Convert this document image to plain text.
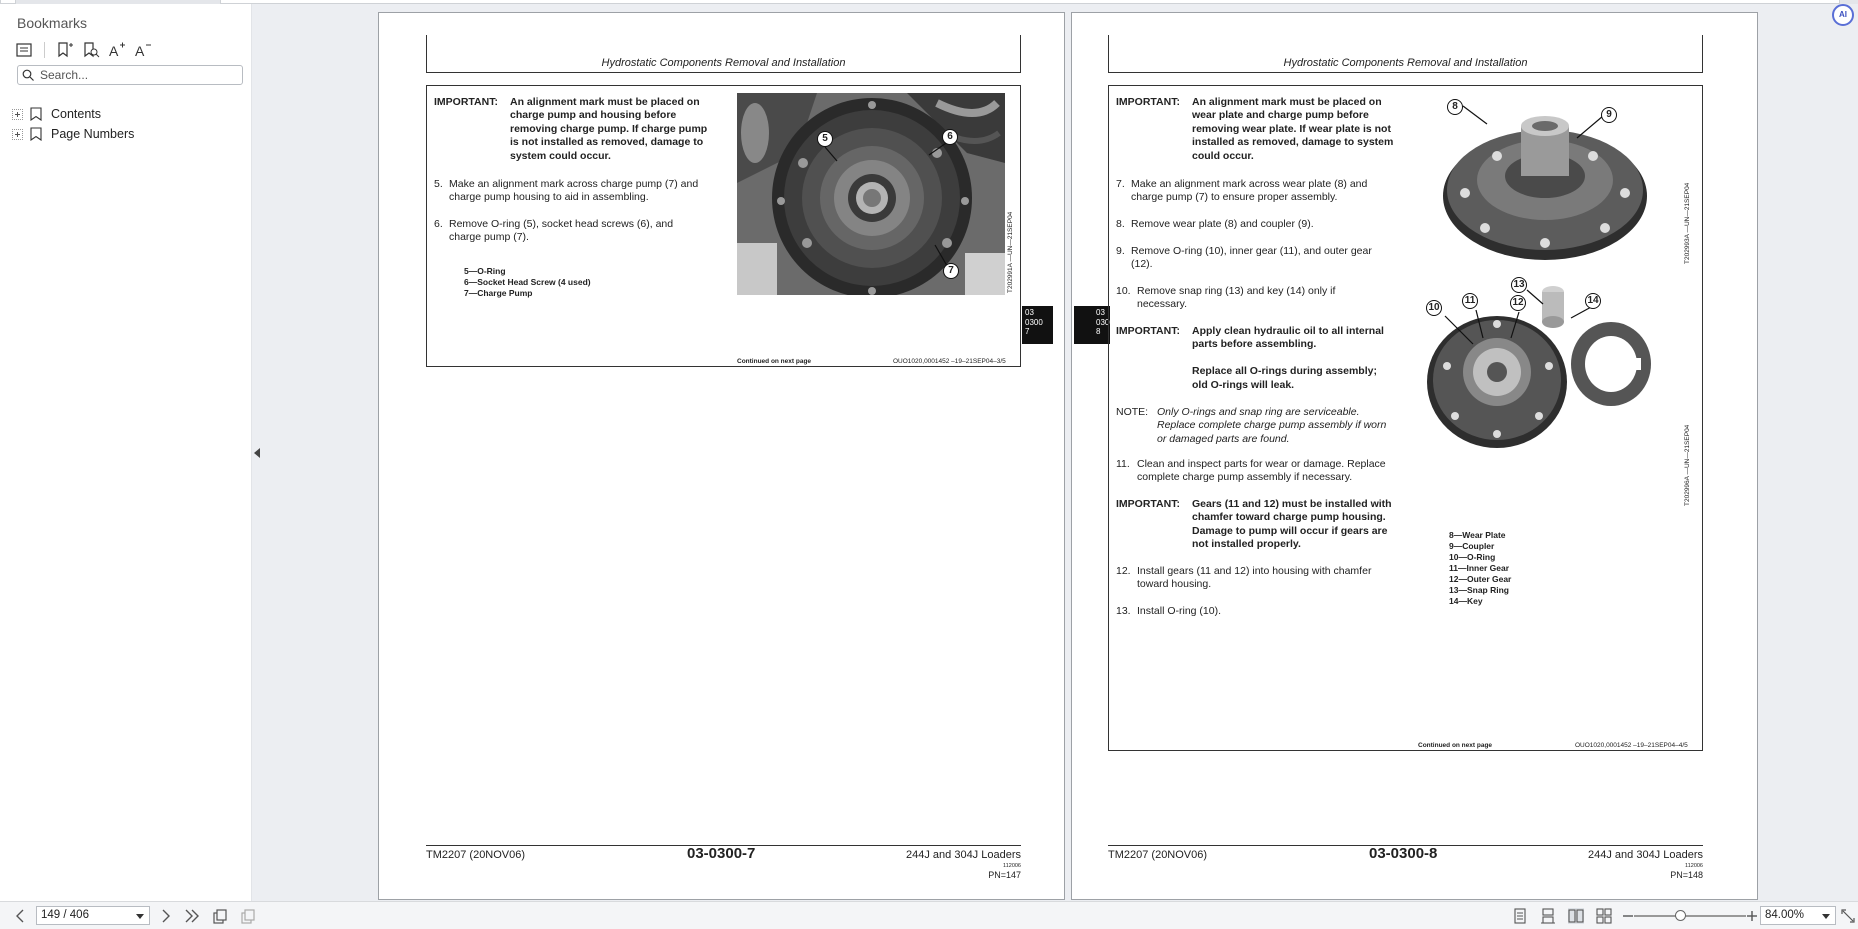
Bookmarks
A A
Search...
Contents
Page Numbers
Hydrostatic Components Removal and Installation
IMPORTANT: An alignment mark must be placed on
charge pump and housing before
removing charge pump. If charge pump
is not installed as removed, damage to
system could occur.
5. Make an alignment mark across charge pump (7) and
charge pump housing to aid in assembling.
6. Remove O-ring (5), socket head screws (6), and
charge pump (7).
5—O-Ring
6—Socket Head Screw (4 used)
7—Charge Pump
5	6
7	T202991A —UN—21SEP04
Continued on next page	OUO1020,0001452 –19–21SEP04–3/5
03
0300
7
TM2207 (20NOV06)	03-0300-7	244J and 304J Loaders
112006
PN=147
03
0300
8
Hydrostatic Components Removal and Installation
IMPORTANT: An alignment mark must be placed on
wear plate and charge pump before
removing wear plate. If wear plate is not
installed as removed, damage to system
could occur.
7. Make an alignment mark across wear plate (8) and
charge pump (7) to ensure proper assembly.
8. Remove wear plate (8) and coupler (9).
9. Remove O-ring (10), inner gear (11), and outer gear
(12).
10. Remove snap ring (13) and key (14) only if
necessary.
IMPORTANT: Apply clean hydraulic oil to all internal
parts before assembling.
Replace all O-rings during assembly;
old O-rings will leak.
NOTE: Only O-rings and snap ring are serviceable.
Replace complete charge pump assembly if worn
or damaged parts are found.
11. Clean and inspect parts for wear or damage. Replace
complete charge pump assembly if necessary.
IMPORTANT: Gears (11 and 12) must be installed with
chamfer toward charge pump housing.
Damage to pump will occur if gears are
not installed properly.
12. Install gears (11 and 12) into housing with chamfer
toward housing.
13. Install O-ring (10).
8
9
T202993A —UN—21SEP04
13
14
10
11	12
T202996A —UN—21SEP04
8—Wear Plate
9—Coupler
10—O-Ring
11—Inner Gear
12—Outer Gear
13—Snap Ring
14—Key
Continued on next page	OUO1020,0001452 –19–21SEP04–4/5
TM2207 (20NOV06)	03-0300-8	244J and 304J Loaders
112006
PN=148
AI
149 / 406	84.00%
